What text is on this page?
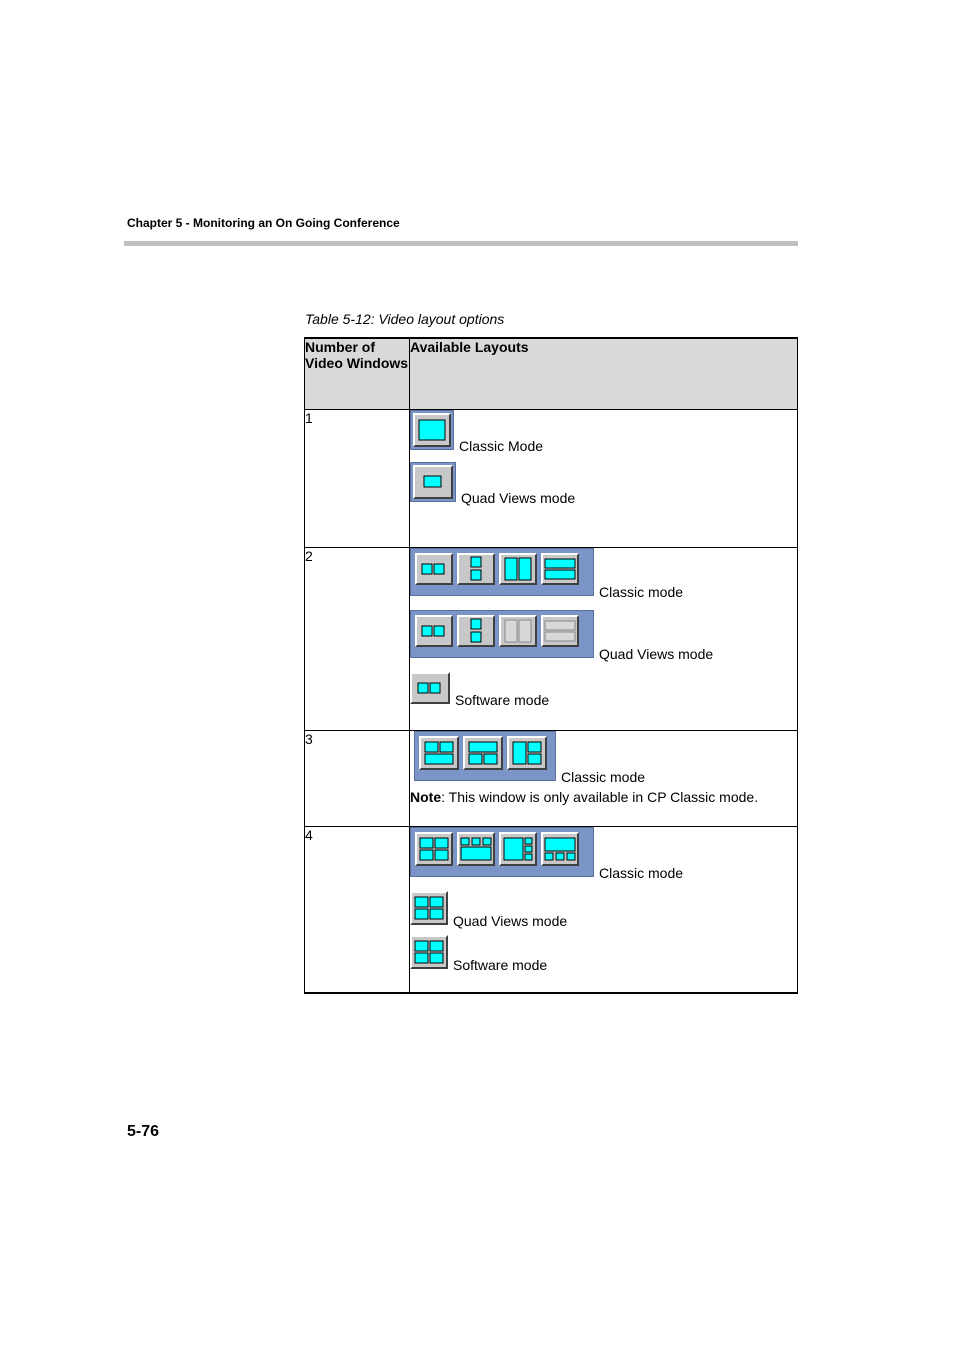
Chapter 5 - Monitoring an On Going Conference
Table 5-12: Video layout options
Number of Video Windows	Available Layouts
1	Classic Mode
Quad Views mode

2	Classic mode
Quad Views mode
Software mode

3	Classic mode
Note: This window is only available in CP Classic mode.

4	Classic mode
Quad Views mode
Software mode
5-76
